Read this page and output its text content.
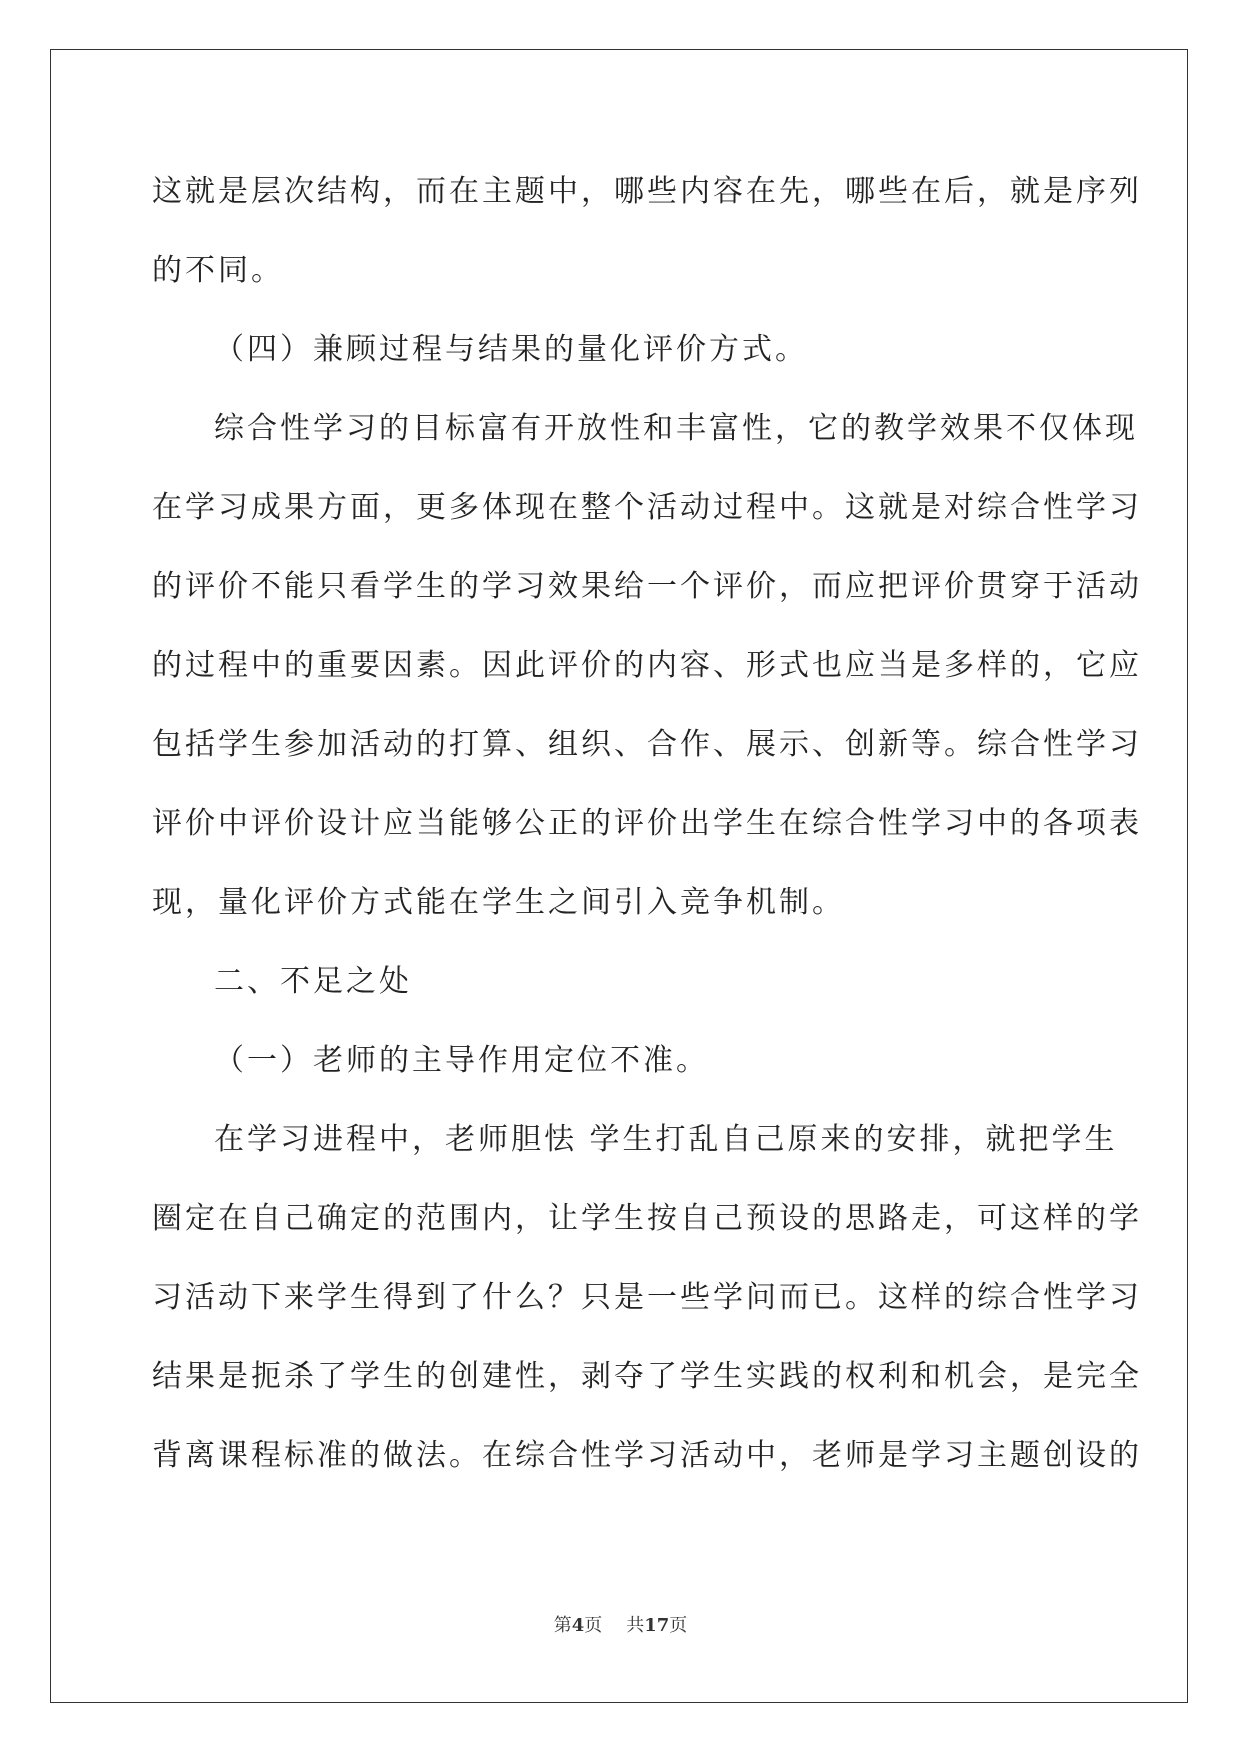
这就是层次结构，而在主题中，哪些内容在先，哪些在后，就是序列
的不同。
（四）兼顾过程与结果的量化评价方式。
综合性学习的目标富有开放性和丰富性，它的教学效果不仅体现
在学习成果方面，更多体现在整个活动过程中。这就是对综合性学习
的评价不能只看学生的学习效果给一个评价，而应把评价贯穿于活动
的过程中的重要因素。因此评价的内容、形式也应当是多样的，它应
包括学生参加活动的打算、组织、合作、展示、创新等。综合性学习
评价中评价设计应当能够公正的评价出学生在综合性学习中的各项表
现，量化评价方式能在学生之间引入竞争机制。
二、不足之处
（一）老师的主导作用定位不准。
在学习进程中，老师胆怯 学生打乱自己原来的安排，就把学生
圈定在自己确定的范围内，让学生按自己预设的思路走，可这样的学
习活动下来学生得到了什么？只是一些学问而已。这样的综合性学习
结果是扼杀了学生的创建性，剥夺了学生实践的权利和机会，是完全
背离课程标准的做法。在综合性学习活动中，老师是学习主题创设的
第4页 共17页
